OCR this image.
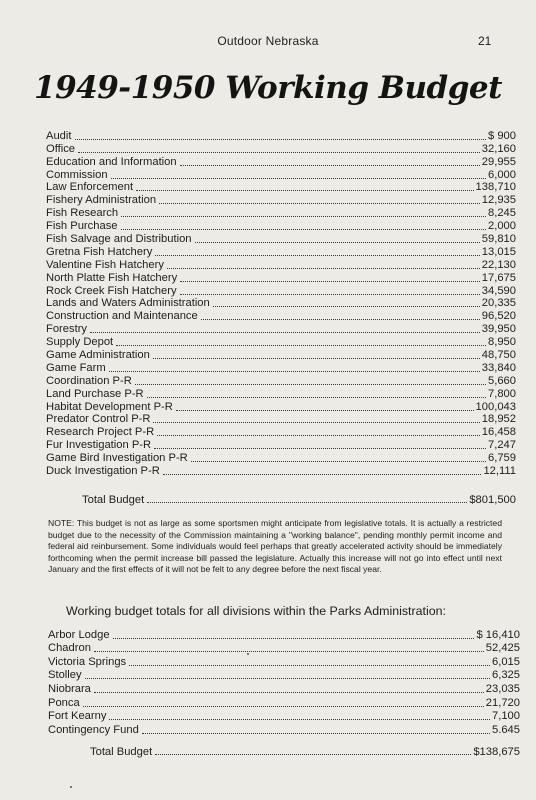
Outdoor Nebraska	21
1949-1950 Working Budget
Audit	$ 900
Office	32,160
Education and Information	29,955
Commission	6,000
Law Enforcement	138,710
Fishery Administration	12,935
Fish Research	8,245
Fish Purchase	2,000
Fish Salvage and Distribution	59,810
Gretna Fish Hatchery	13,015
Valentine Fish Hatchery	22,130
North Platte Fish Hatchery	17,675
Rock Creek Fish Hatchery	34,590
Lands and Waters Administration	20,335
Construction and Maintenance	96,520
Forestry	39,950
Supply Depot	8,950
Game Administration	48,750
Game Farm	33,840
Coordination P-R	5,660
Land Purchase P-R	7,800
Habitat Development P-R	100,043
Predator Control P-R	18,952
Research Project P-R	16,458
Fur Investigation P-R	7,247
Game Bird Investigation P-R	6,759
Duck Investigation P-R	12,111
Total Budget	$801,500

NOTE: This budget is not as large as some sportsmen might anticipate from legislative totals. It is actually a restricted budget due to the necessity of the Commission maintaining a "working balance", pending monthly permit income and federal aid reinbursement. Some individuals would feel perhaps that greatly accelerated activity should be immediately forthcoming when the permit increase bill passed the legislature. Actually this increase will not go into effect until next January and the first effects of it will not be felt to any degree before the next fiscal year.

Working budget totals for all divisions within the Parks Administration:
Arbor Lodge	$ 16,410
Chadron	52,425
Victoria Springs	6,015
Stolley	6,325
Niobrara	23,035
Ponca	21,720
Fort Kearny	7,100
Contingency Fund	5.645
Total Budget	$138,675
